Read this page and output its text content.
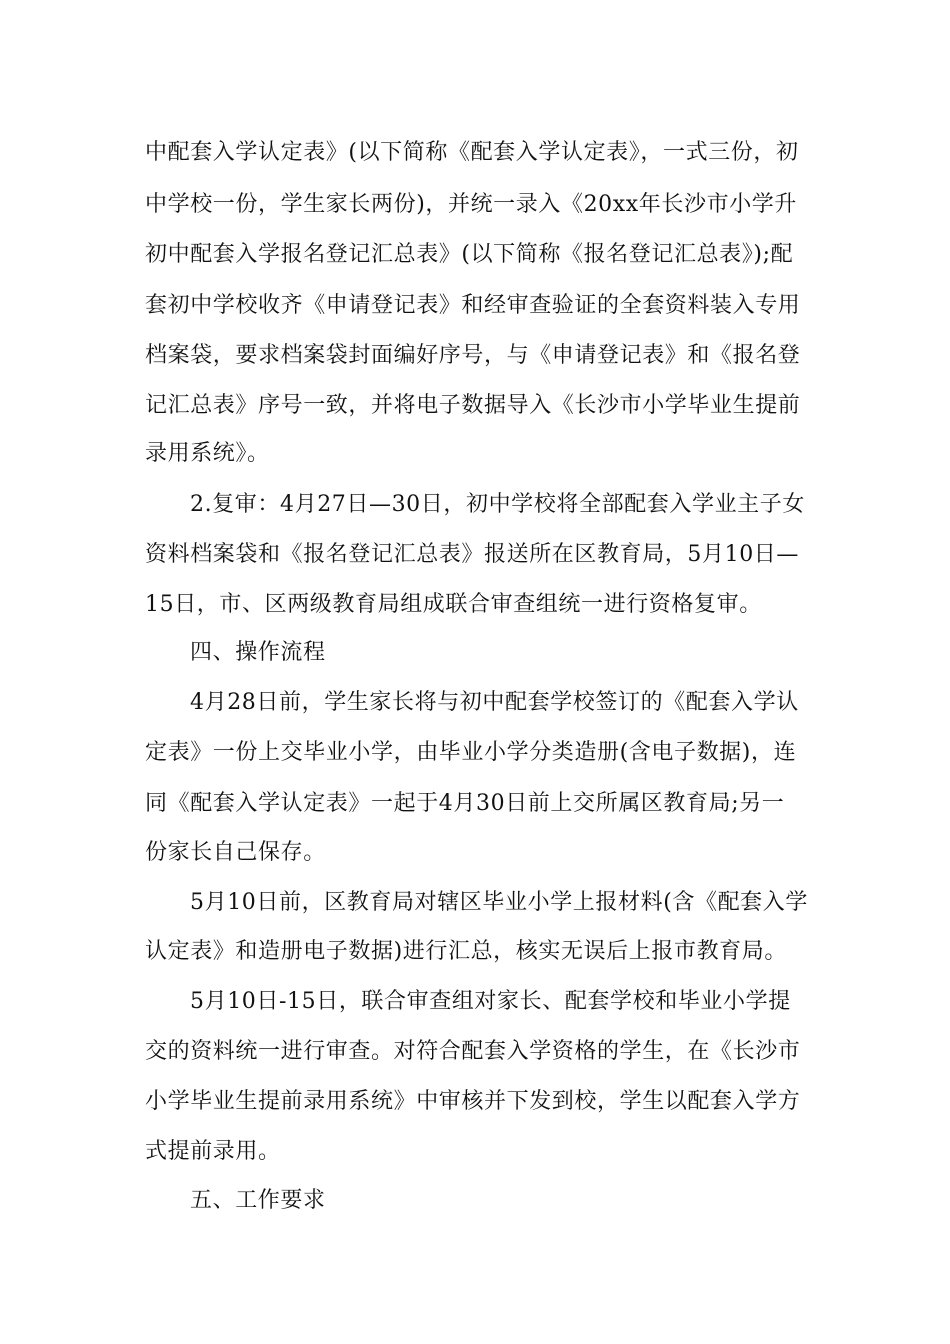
中配套入学认定表》(以下简称《配套入学认定表》，一式三份，初
中学校一份，学生家长两份)，并统一录入《20xx年长沙市小学升
初中配套入学报名登记汇总表》(以下简称《报名登记汇总表》);配
套初中学校收齐《申请登记表》和经审查验证的全套资料装入专用
档案袋，要求档案袋封面编好序号，与《申请登记表》和《报名登
记汇总表》序号一致，并将电子数据导入《长沙市小学毕业生提前
录用系统》。
2.复审：4月27日—30日，初中学校将全部配套入学业主子女
资料档案袋和《报名登记汇总表》报送所在区教育局，5月10日—
15日，市、区两级教育局组成联合审查组统一进行资格复审。
四、操作流程
4月28日前，学生家长将与初中配套学校签订的《配套入学认
定表》一份上交毕业小学，由毕业小学分类造册(含电子数据)，连
同《配套入学认定表》一起于4月30日前上交所属区教育局;另一
份家长自己保存。
5月10日前，区教育局对辖区毕业小学上报材料(含《配套入学
认定表》和造册电子数据)进行汇总，核实无误后上报市教育局。
5月10日-15日，联合审查组对家长、配套学校和毕业小学提
交的资料统一进行审查。对符合配套入学资格的学生，在《长沙市
小学毕业生提前录用系统》中审核并下发到校，学生以配套入学方
式提前录用。
五、工作要求
